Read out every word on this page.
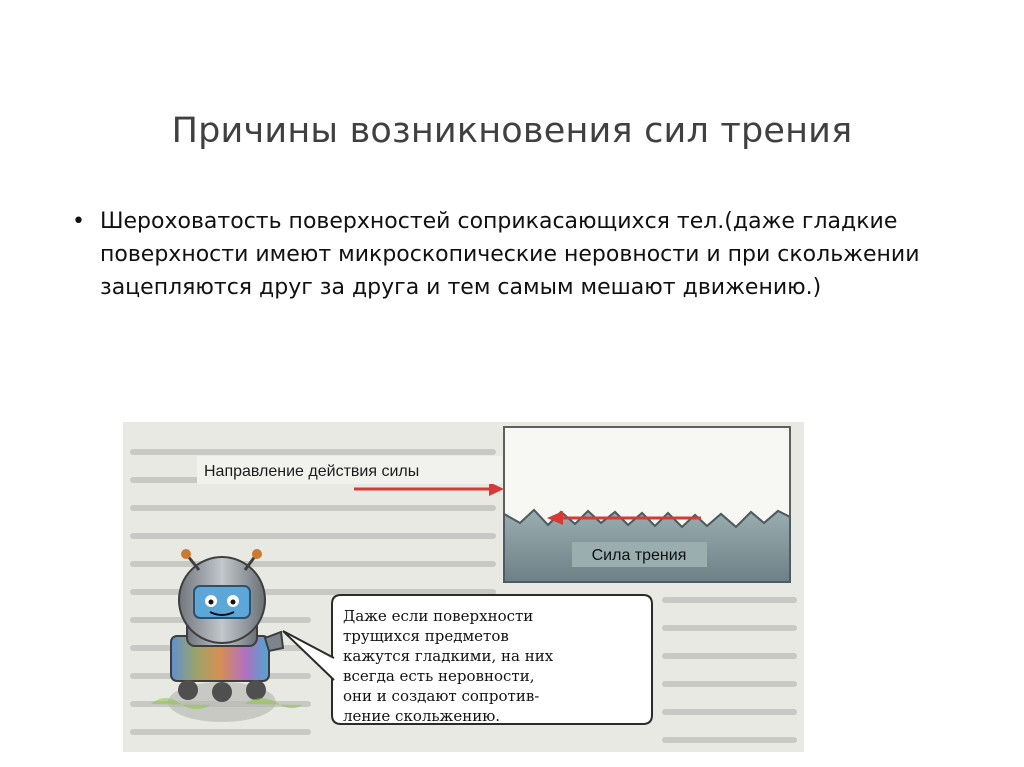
Причины возникновения сил трения
• Шероховатость поверхностей соприкасающихся тел.(даже гладкие поверхности имеют микроскопические неровности и при скольжении зацепляются друг за друга и тем самым мешают движению.)
Направление действия силы
Сила трения
Даже если поверхности
трущихся предметов
кажутся гладкими, на них
всегда есть неровности,
они и создают сопротив-
ление скольжению.
